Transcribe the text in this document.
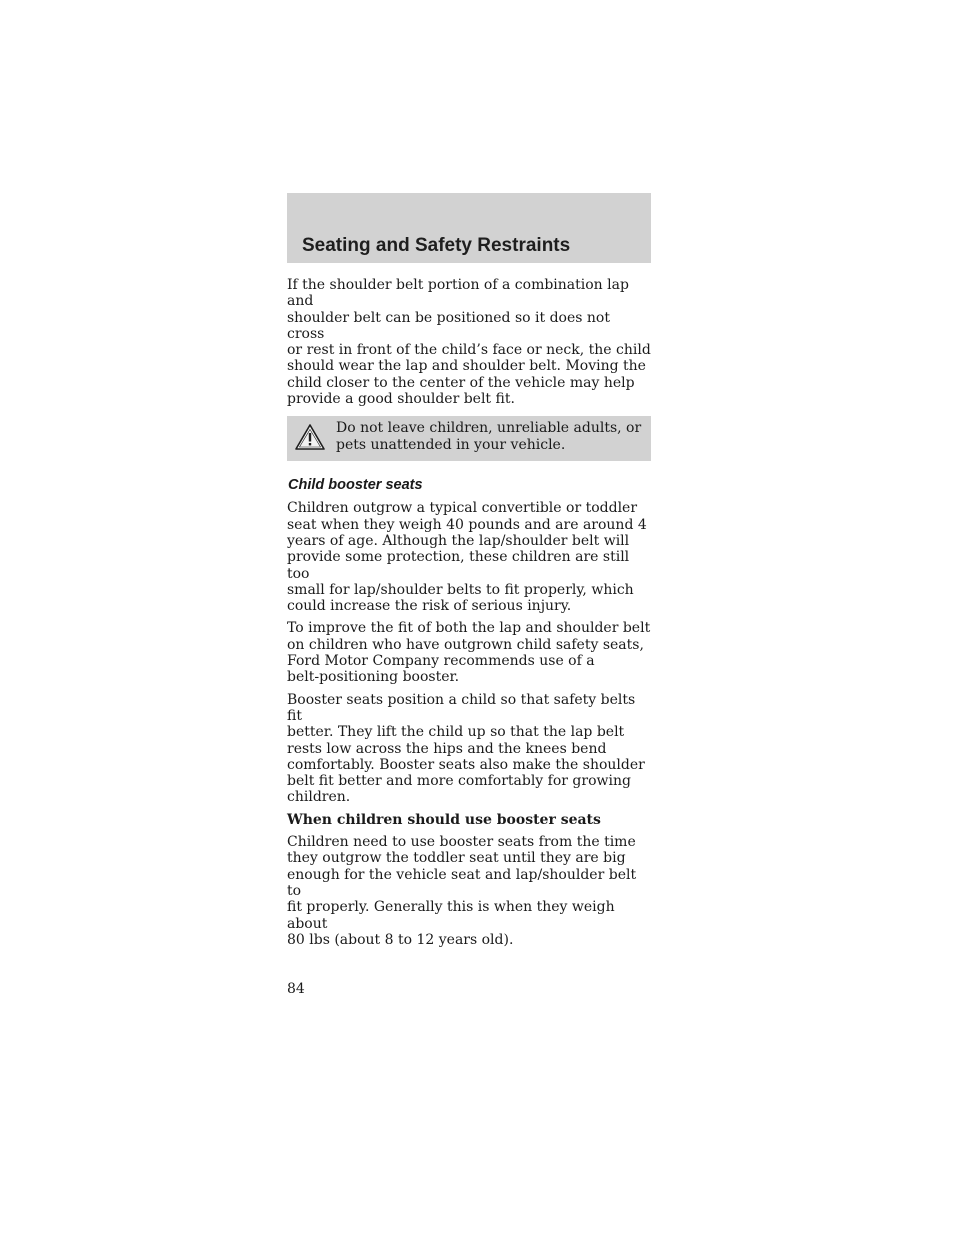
Seating and Safety Restraints

If the shoulder belt portion of a combination lap and
shoulder belt can be positioned so it does not cross
or rest in front of the child’s face or neck, the child
should wear the lap and shoulder belt. Moving the
child closer to the center of the vehicle may help
provide a good shoulder belt fit.

Do not leave children, unreliable adults, or
pets unattended in your vehicle.
Child booster seats

Children outgrow a typical convertible or toddler
seat when they weigh 40 pounds and are around 4
years of age. Although the lap/shoulder belt will
provide some protection, these children are still too
small for lap/shoulder belts to fit properly, which
could increase the risk of serious injury.

To improve the fit of both the lap and shoulder belt
on children who have outgrown child safety seats,
Ford Motor Company recommends use of a
belt-positioning booster.

Booster seats position a child so that safety belts fit
better. They lift the child up so that the lap belt
rests low across the hips and the knees bend
comfortably. Booster seats also make the shoulder
belt fit better and more comfortably for growing
children.

When children should use booster seats

Children need to use booster seats from the time
they outgrow the toddler seat until they are big
enough for the vehicle seat and lap/shoulder belt to
fit properly. Generally this is when they weigh about
80 lbs (about 8 to 12 years old).

84
